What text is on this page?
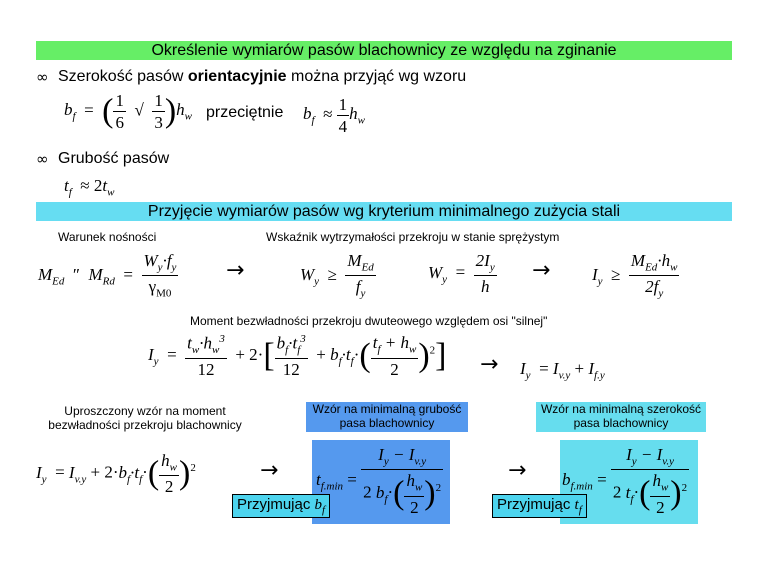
Określenie wymiarów pasów blachownicy ze względu na zginanie
∞ Szerokość pasów orientacyjnie można przyjąć wg wzoru
$b_f$  =  ( $\frac{1}{6}$ √ $\frac{1}{3} )h_w$ przeciętnie $b_f \approx \frac{1}{4} h_w$
∞ Grubość pasów
$t_f \approx 2t_w$
Przyjęcie wymiarów pasów wg kryterium minimalnego zużycia stali
Warunek nośności	Wskaźnik wytrzymałości przekroju w stanie sprężystym
$M_{Ed}$  ″  $M_{Rd} = \frac{W_y\cdot f_y}{\gamma_{M0}}$ →	$W_y \ge \frac{M_{Ed}}{f_y}$	$W_y = \frac{2I_y}{h} \to I_y \ge \frac{M_{Ed}\cdot h_w}{2f_y}$
Moment bezwładności przekroju dwuteowego względem osi "silnej"
$I_y = \frac{t_w\cdot h_w^3}{12} + 2\cdot[ \frac{b_f\cdot t_f^3}{12} + b_f\cdot t_f\cdot( \frac{t_f + h_w}{2} )^2] \to I_y = I_{v.y} + I_{f.y}$
Uproszczony wzór na moment bezwładności przekroju blachownicy
Wzór na minimalną grubość pasa blachownicy
Wzór na minimalną szerokość pasa blachownicy
$I_y = I_{v.y} + 2\cdot b_f\cdot t_f\cdot( \frac{h_w}{2} )^2$	→ $t_{f.min} = \frac{I_y - I_{v.y}}{2 b_f\cdot( \frac{h_w}{2} )^2}$
Przyjmując $b_f$
→ $b_{f.min} = \frac{I_y - I_{v.y}}{2 t_f\cdot( \frac{h_w}{2} )^2}$
Przyjmując $t_f$
